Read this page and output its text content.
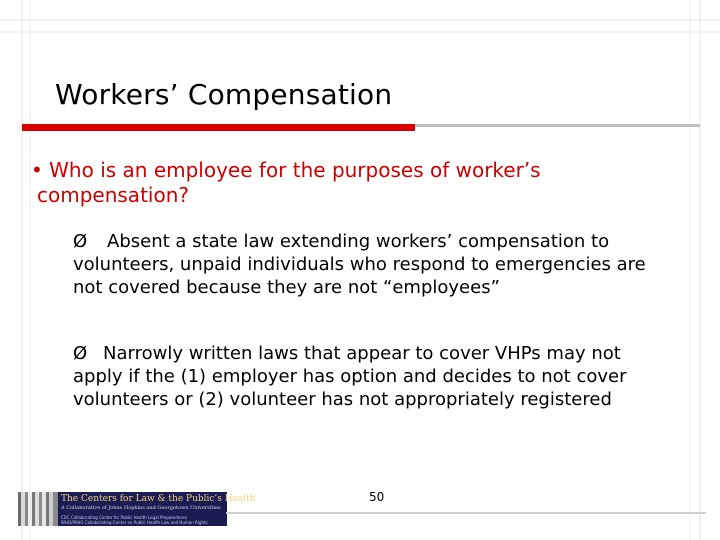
Workers’ Compensation
• Who is an employee for the purposes of worker’s compensation?
Ø Absent a state law extending workers’ compensation to volunteers, unpaid individuals who respond to emergencies are not covered because they are not “employees”
Ø Narrowly written laws that appear to cover VHPs may not apply if the (1) employer has option and decides to not cover volunteers or (2) volunteer has not appropriately registered
The Centers for Law & the Public’s Health
A Collaborative of Johns Hopkins and Georgetown Universities
CDC Collaborating Center for Public Health Legal Preparedness
WHO/PAHO Collaborating Center on Public Health Law and Human Rights
50
